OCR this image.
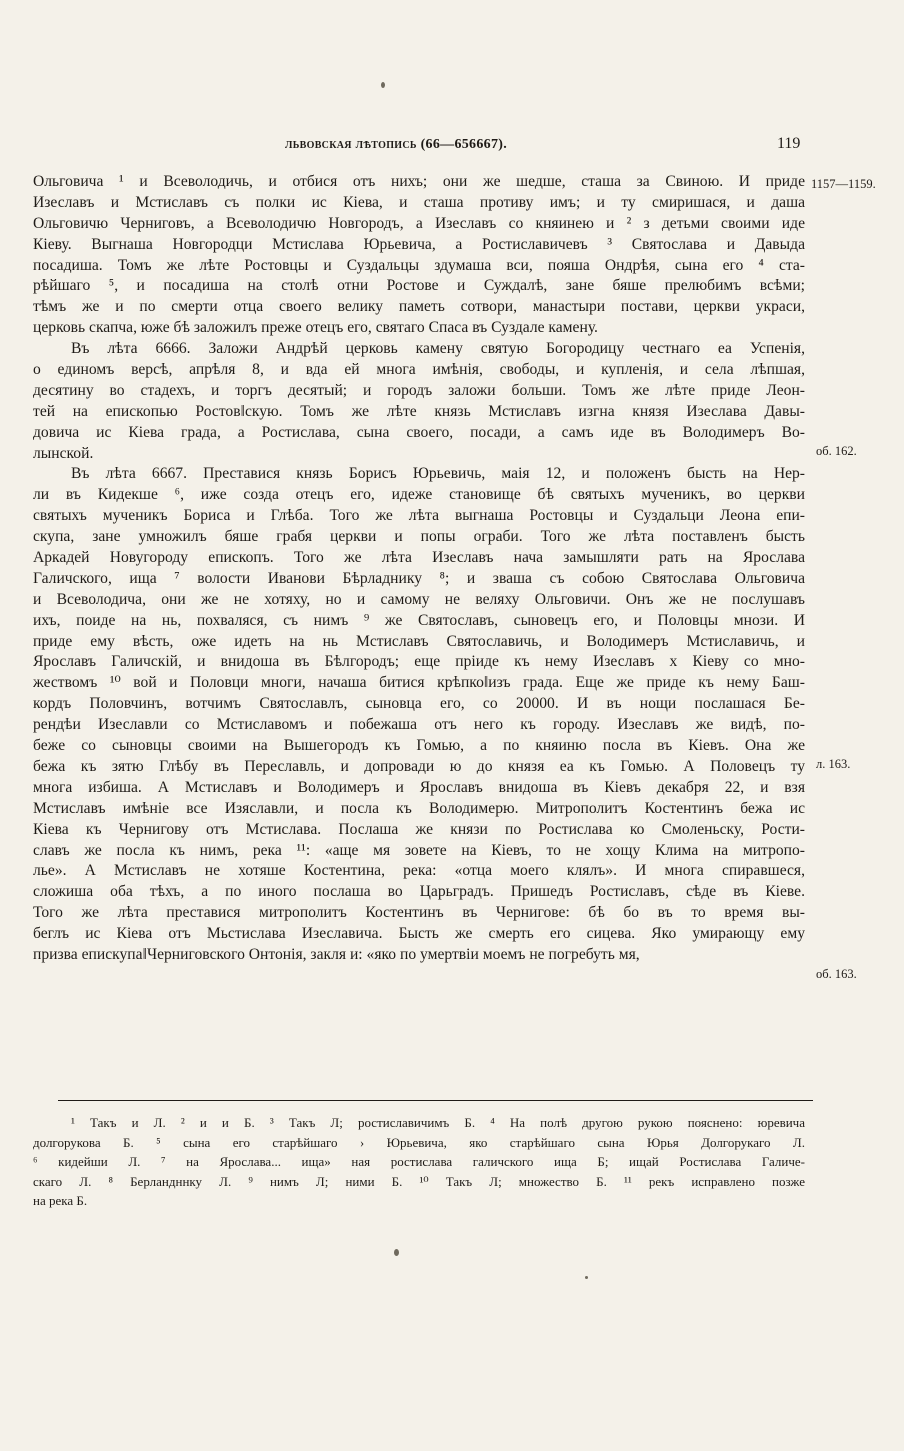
львовская лѣтопись (66—656667).	119
Ольговича ¹ и Всеволодичь, и отбися отъ нихъ; они же шедше, сташа за Свиною. И приде
Изеславъ и Мстиславъ съ полки ис Кіева, и сташа противу имъ; и ту смиришася, и даша
Ольговичю Черниговъ, а Всеволодичю Новгородъ, а Изеславъ со княинею и ² з детьми своими иде
Кіеву. Выгнаша Новгородци Мстислава Юрьевича, а Ростиславичевъ ³ Святослава и Давыда
посадиша. Томъ же лѣте Ростовцы и Суздальцы здумаша вси, пояша Ондрѣя, сына его ⁴ ста-
рѣйшаго ⁵, и посадиша на столѣ отни Ростове и Суждалѣ, зане бяше прелюбимъ всѣми;
тѣмъ же и по смерти отца своего велику паметь сотвори, манастыри постави, церкви украси,
церковь скапча, юже бѣ заложилъ преже отецъ его, святаго Спаса въ Суздале камену.
Въ лѣта 6666. Заложи Андрѣй церковь камену святую Богородицу честнаго еа Успенія,
о единомъ версѣ, апрѣля 8, и вда ей многа имѣнія, свободы, и купленія, и села лѣпшая,
десятину во стадехъ, и торгъ десятый; и городъ заложи больши. Томъ же лѣте приде Леон-
тей на епископью Ростов‖скую. Томъ же лѣте князь Мстиславъ изгна князя Изеслава Давы-
довича ис Кіева града, а Ростислава, сына своего, посади, а самъ иде въ Володимеръ Во-
лынской.
Въ лѣта 6667. Преставися князь Борисъ Юрьевичь, маія 12, и положенъ бысть на Нер-
ли въ Кидекше ⁶, иже созда отецъ его, идеже становище бѣ святыхъ мученикъ, во церкви
святыхъ мученикъ Бориса и Глѣба. Того же лѣта выгнаша Ростовцы и Суздальци Леона епи-
скупа, зане умножилъ бяше грабя церкви и попы ограби. Того же лѣта поставленъ бысть
Аркадей Новугороду епископъ. Того же лѣта Изеславъ нача замышляти рать на Ярослава
Галичского, ища ⁷ волости Иванови Бѣрладнику ⁸; и зваша съ собою Святослава Ольговича
и Всеволодича, они же не хотяху, но и самому не веляху Ольговичи. Онъ же не послушавъ
ихъ, поиде на нь, похваляся, съ нимъ ⁹ же Святославъ, сыновецъ его, и Половцы мнози. И
приде ему вѣсть, оже идеть на нь Мстиславъ Святославичь, и Володимеръ Мстиславичь, и
Ярославъ Галичскій, и внидоша въ Бѣлгородъ; еще пріиде къ нему Изеславъ х Кіеву со мно-
жествомъ ¹⁰ вой и Половци многи, начаша битися крѣпко‖изъ града. Еще же приде къ нему Баш-
кордъ Половчинъ, вотчимъ Святославлъ, сыновца его, со 20000. И въ нощи послашася Бе-
рендѣи Изеславли со Мстиславомъ и побежаша отъ него къ городу. Изеславъ же видѣ, по-
беже со сыновцы своими на Вышегородъ къ Гомью, а по княиню посла въ Кіевъ. Она же
бежа къ зятю Глѣбу въ Переславль, и допровади ю до князя еа къ Гомью. А Половецъ ту
многа избиша. А Мстиславъ и Володимеръ и Ярославъ внидоша въ Кіевъ декабря 22, и взя
Мстиславъ имѣніе все Изяславли, и посла къ Володимерю. Митрополитъ Костентинъ бежа ис
Кіева къ Чернигову отъ Мстислава. Послаша же князи по Ростислава ко Смоленьску, Рости-
славъ же посла къ нимъ, река ¹¹: «аще мя зовете на Кіевъ, то не хощу Клима на митропо-
лье». А Мстиславъ не хотяше Костентина, река: «отца моего клялъ». И многа спиравшеся,
сложиша оба тѣхъ, а по иного послаша во Царьградъ. Пришедъ Ростиславъ, сѣде въ Кіеве.
Того же лѣта преставися митрополитъ Костентинъ въ Чернигове: бѣ бо въ то время вы-
беглъ ис Кіева отъ Мьстислава Изеславича. Бысть же смерть его сицева. Яко умирающу ему
призва епискупа‖Черниговского Онтонія, закля и: «яко по умертвіи моемъ не погребуть мя,
1157—1159.
об. 162.
л. 163.
об. 163.
¹ Такъ и Л. ² и и Б. ³ Такъ Л; ростиславичимъ Б. ⁴ На полѣ другою рукою пояснено: юревича
долгорукова Б. ⁵ сына его старѣйшаго › Юрьевича, яко старѣйшаго сына Юрья Долгорукаго Л.
⁶ кидейши Л. ⁷ на Ярослава... ища» ная ростислава галичского ища Б; ищай Ростислава Галиче-
скаго Л. ⁸ Берландннку Л. ⁹ нимъ Л; ними Б. ¹⁰ Такъ Л; множество Б. ¹¹ рекъ исправлено позже
на река Б.
